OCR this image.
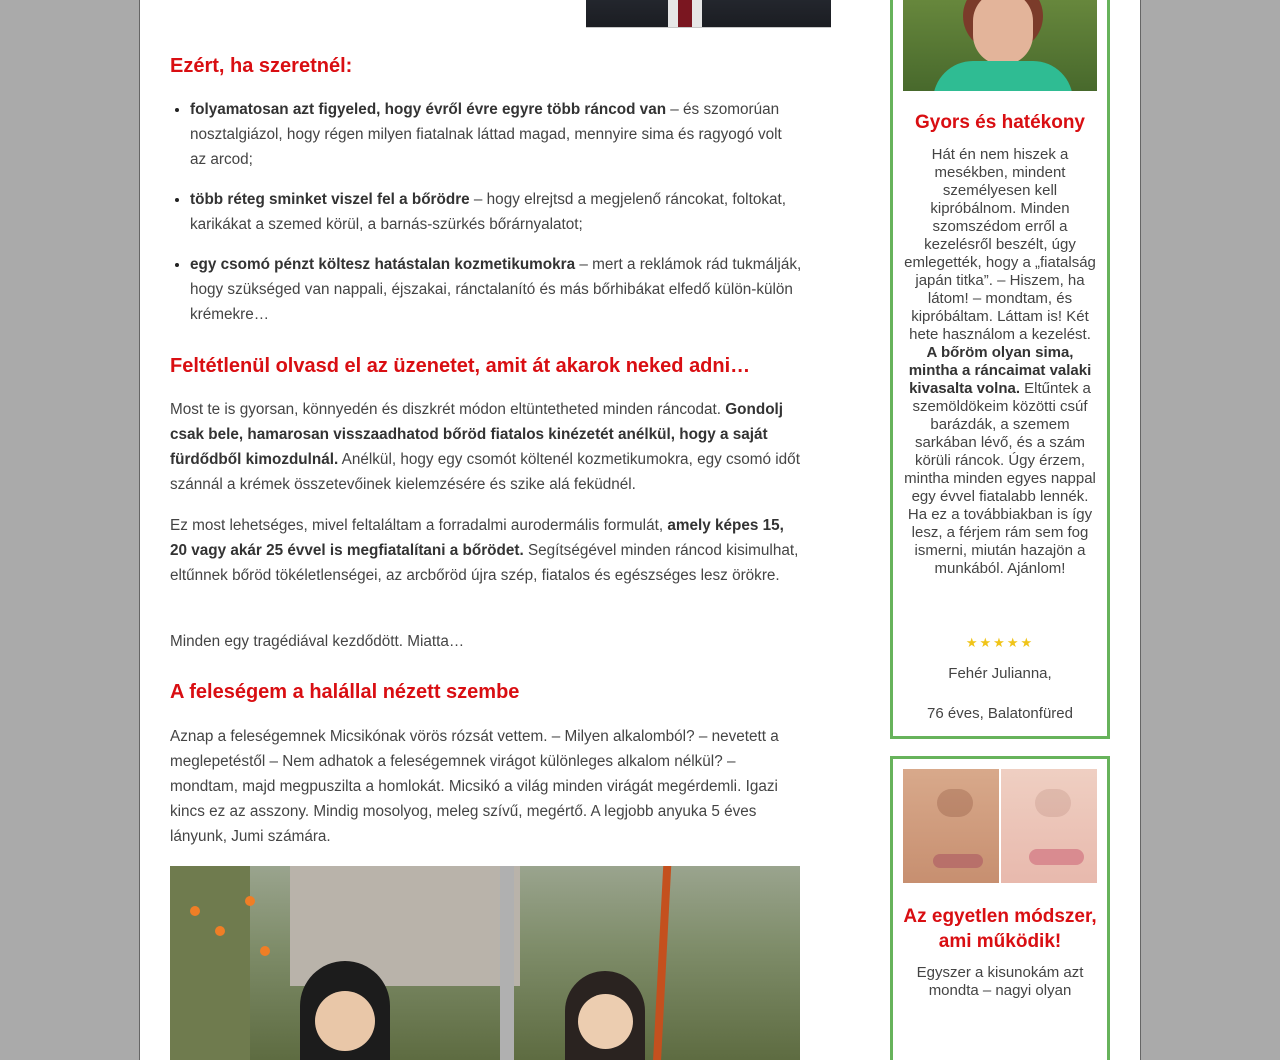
Ezért, ha szeretnél:
• folyamatosan azt figyeled, hogy évről évre egyre több ráncod van – és szomorúan nosztalgiázol, hogy régen milyen fiatalnak láttad magad, mennyire sima és ragyogó volt az arcod;
• több réteg sminket viszel fel a bőrödre – hogy elrejtsd a megjelenő ráncokat, foltokat, karikákat a szemed körül, a barnás-szürkés bőrárnyalatot;
• egy csomó pénzt költesz hatástalan kozmetikumokra – mert a reklámok rád tukmálják, hogy szükséged van nappali, éjszakai, ránctalanító és más bőrhibákat elfedő külön-külön krémekre…
Feltétlenül olvasd el az üzenetet, amit át akarok neked adni…

Most te is gyorsan, könnyedén és diszkrét módon eltüntetheted minden ráncodat. Gondolj csak bele, hamarosan visszaadhatod bőröd fiatalos kinézetét anélkül, hogy a saját fürdődből kimozdulnál. Anélkül, hogy egy csomót költenél kozmetikumokra, egy csomó időt szánnál a krémek összetevőinek kielemzésére és szike alá feküdnél.

Ez most lehetséges, mivel feltaláltam a forradalmi aurodermális formulát, amely képes 15, 20 vagy akár 25 évvel is megfiatalítani a bőrödet. Segítségével minden ráncod kisimulhat, eltűnnek bőröd tökéletlenségei, az arcbőröd újra szép, fiatalos és egészséges lesz örökre.

Minden egy tragédiával kezdődött. Miatta…

A feleségem a halállal nézett szembe

Aznap a feleségemnek Micsikónak vörös rózsát vettem. – Milyen alkalomból? – nevetett a meglepetéstől – Nem adhatok a feleségemnek virágot különleges alkalom nélkül? – mondtam, majd megpuszilta a homlokát. Micsikó a világ minden virágát megérdemli. Igazi kincs ez az asszony. Mindig mosolyog, meleg szívű, megértő. A legjobb anyuka 5 éves lányunk, Jumi számára.

Gyors és hatékony
Hát én nem hiszek a mesékben, mindent személyesen kell kipróbálnom. Minden szomszédom erről a kezelésről beszélt, úgy emlegették, hogy a „fiatalság japán titka”. – Hiszem, ha látom! – mondtam, és kipróbáltam. Láttam is! Két hete használom a kezelést. A bőröm olyan sima, mintha a ráncaimat valaki kivasalta volna. Eltűntek a szemöldökeim közötti csúf barázdák, a szemem sarkában lévő, és a szám körüli ráncok. Úgy érzem, mintha minden egyes nappal egy évvel fiatalabb lennék. Ha ez a továbbiakban is így lesz, a férjem rám sem fog ismerni, miután hazajön a munkából. Ajánlom!
★★★★★
Fehér Julianna,
76 éves, Balatonfüred
Az egyetlen módszer, ami működik!
Egyszer a kisunokám azt mondta – nagyi olyan
